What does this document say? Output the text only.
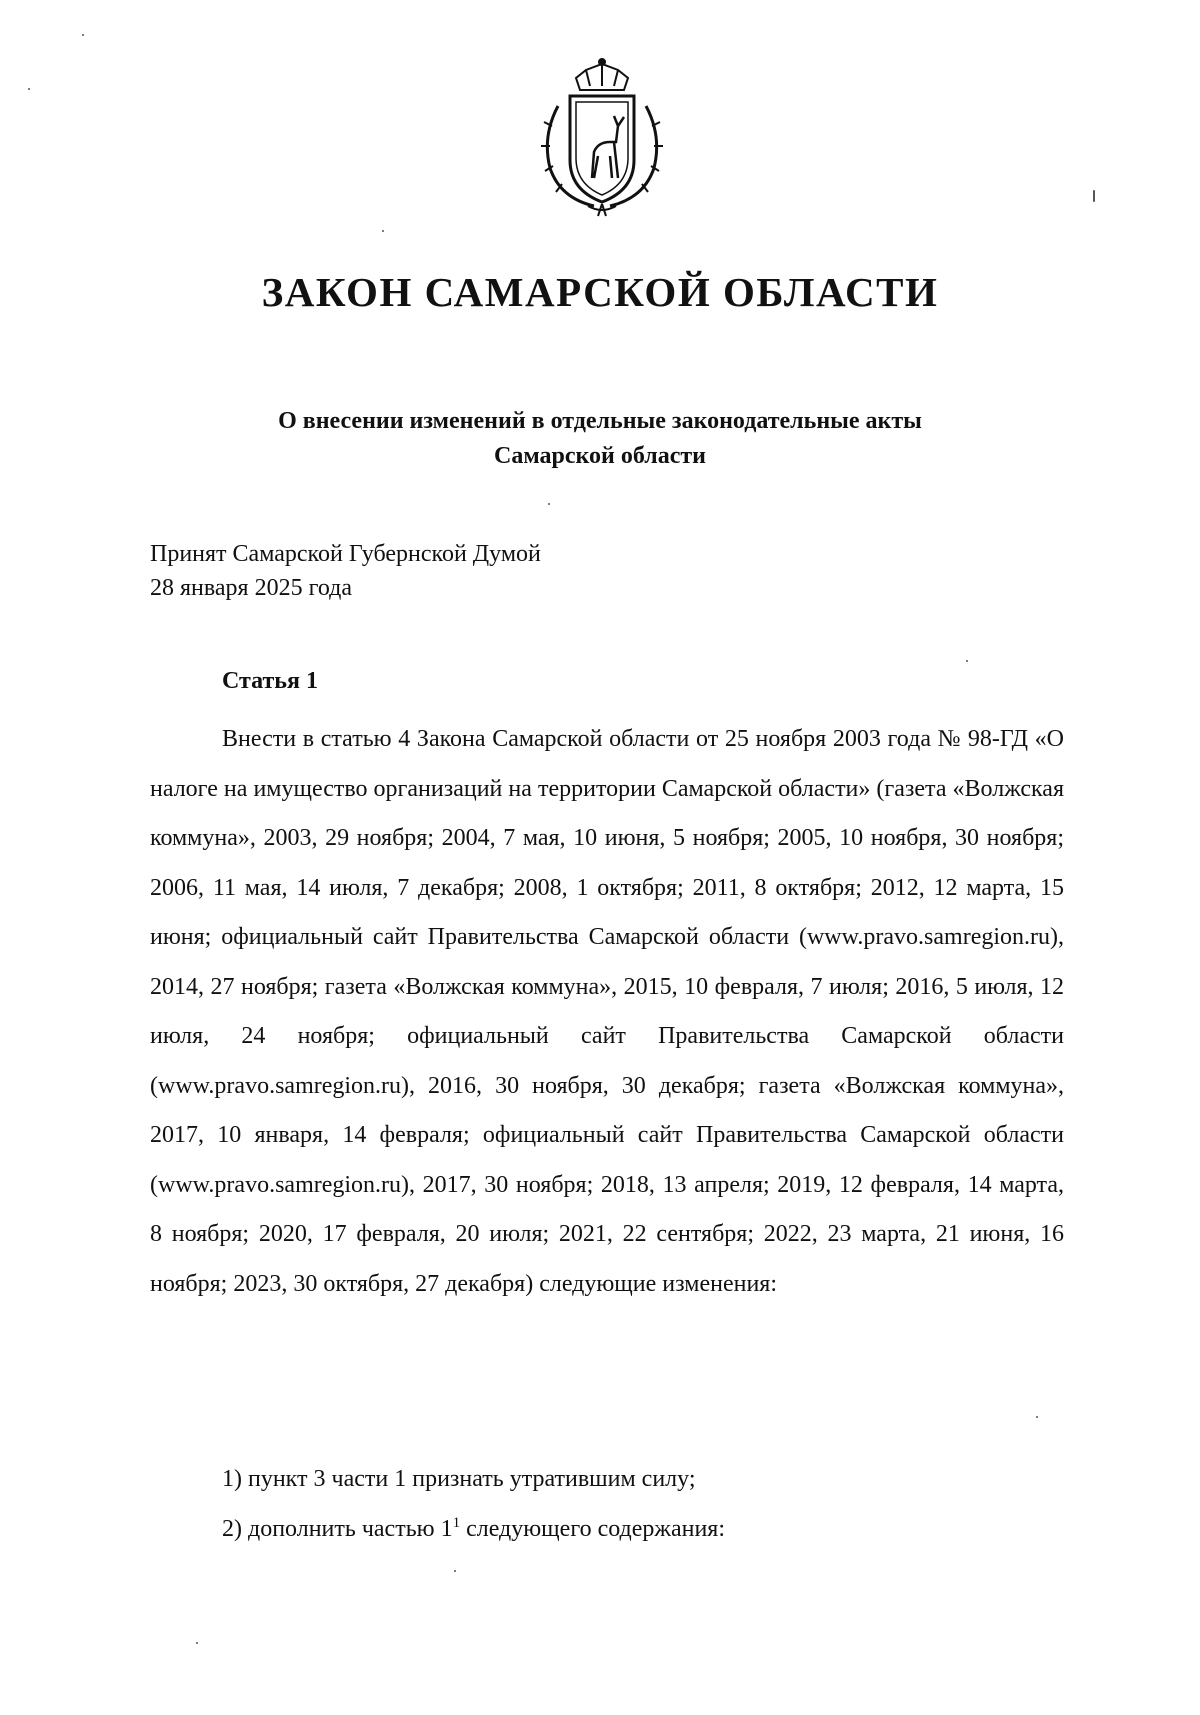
ЗАКОН САМАРСКОЙ ОБЛАСТИ
О внесении изменений в отдельные законодательные акты
Самарской области
Принят Самарской Губернской Думой
28 января 2025 года
Статья 1

Внести в статью 4 Закона Самарской области от 25 ноября 2003 года № 98-ГД «О налоге на имущество организаций на территории Самарской области» (газета «Волжская коммуна», 2003, 29 ноября; 2004, 7 мая, 10 июня, 5 ноября; 2005, 10 ноября, 30 ноября; 2006, 11 мая, 14 июля, 7 декабря; 2008, 1 октября; 2011, 8 октября; 2012, 12 марта, 15 июня; официальный сайт Правительства Самарской области (www.pravo.samregion.ru), 2014, 27 ноября; газета «Волжская коммуна», 2015, 10 февраля, 7 июля; 2016, 5 июля, 12 июля, 24 ноября; официальный сайт Правительства Самарской области (www.pravo.samregion.ru), 2016, 30 ноября, 30 декабря; газета «Волжская коммуна», 2017, 10 января, 14 февраля; официальный сайт Правительства Самарской области (www.pravo.samregion.ru), 2017, 30 ноября; 2018, 13 апреля; 2019, 12 февраля, 14 марта, 8 ноября; 2020, 17 февраля, 20 июля; 2021, 22 сентября; 2022, 23 марта, 21 июня, 16 ноября; 2023, 30 октября, 27 декабря) следующие изменения:

1) пункт 3 части 1 признать утратившим силу;
2) дополнить частью $1^1$ следующего содержания:
